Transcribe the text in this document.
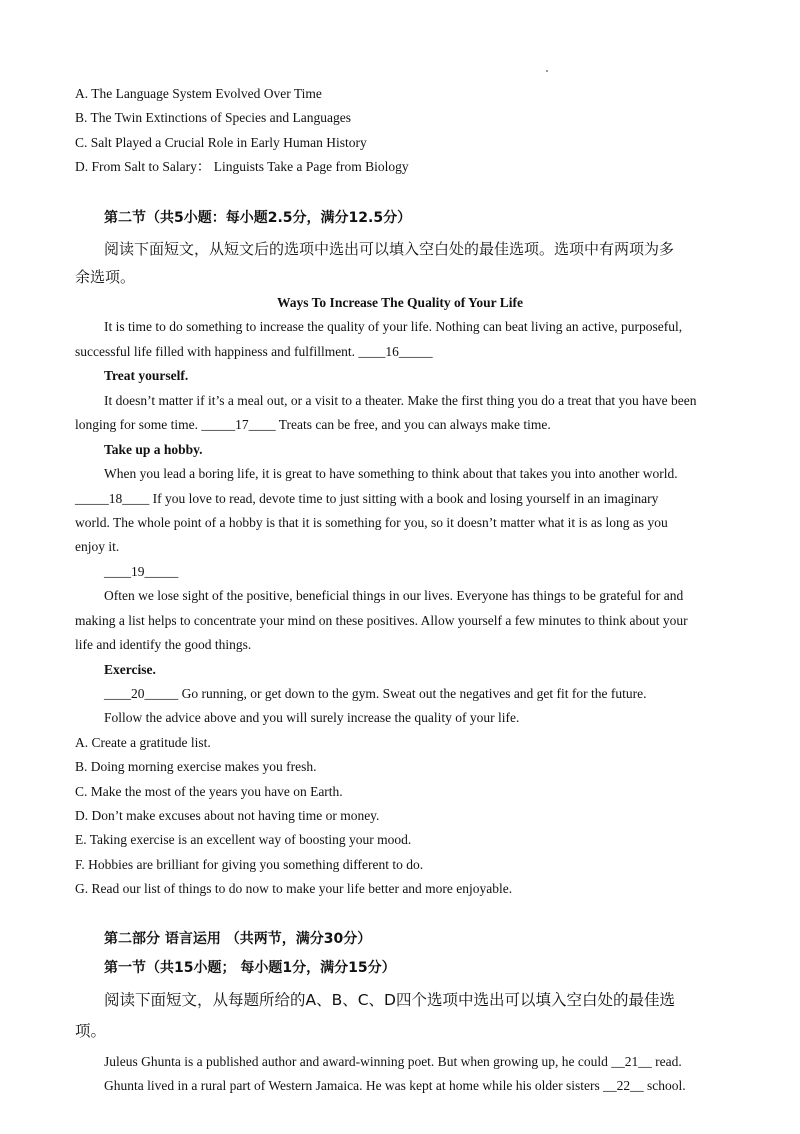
A. The Language System Evolved Over Time
B. The Twin Extinctions of Species and Languages
C. Salt Played a Crucial Role in Early Human History
D. From Salt to Salary： Linguists Take a Page from Biology
第二节（共5小题：每小题2.5分，满分12.5分）
阅读下面短文，从短文后的选项中选出可以填入空白处的最佳选项。选项中有两项为多
余选项。
Ways To Increase The Quality of Your Life
It is time to do something to increase the quality of your life. Nothing can beat living an active, purposeful,
successful life filled with happiness and fulfillment. ____16_____
Treat yourself.
It doesn’t matter if it’s a meal out, or a visit to a theater. Make the first thing you do a treat that you have been
longing for some time. _____17____ Treats can be free, and you can always make time.
Take up a hobby.
When you lead a boring life, it is great to have something to think about that takes you into another world.
_____18____ If you love to read, devote time to just sitting with a book and losing yourself in an imaginary
world. The whole point of a hobby is that it is something for you, so it doesn’t matter what it is as long as you
enjoy it.
____19_____
Often we lose sight of the positive, beneficial things in our lives. Everyone has things to be grateful for and
making a list helps to concentrate your mind on these positives. Allow yourself a few minutes to think about your
life and identify the good things.
Exercise.
____20_____ Go running, or get down to the gym. Sweat out the negatives and get fit for the future.
Follow the advice above and you will surely increase the quality of your life.
A. Create a gratitude list.
B. Doing morning exercise makes you fresh.
C. Make the most of the years you have on Earth.
D. Don’t make excuses about not having time or money.
E. Taking exercise is an excellent way of boosting your mood.
F. Hobbies are brilliant for giving you something different to do.
G. Read our list of things to do now to make your life better and more enjoyable.
第二部分 语言运用 （共两节，满分30分）
第一节（共15小题； 每小题1分，满分15分）
阅读下面短文，从每题所给的A、B、C、D四个选项中选出可以填入空白处的最佳选
项。
Juleus Ghunta is a published author and award-winning poet. But when growing up, he could __21__ read.
Ghunta lived in a rural part of Western Jamaica. He was kept at home while his older sisters __22__ school.
